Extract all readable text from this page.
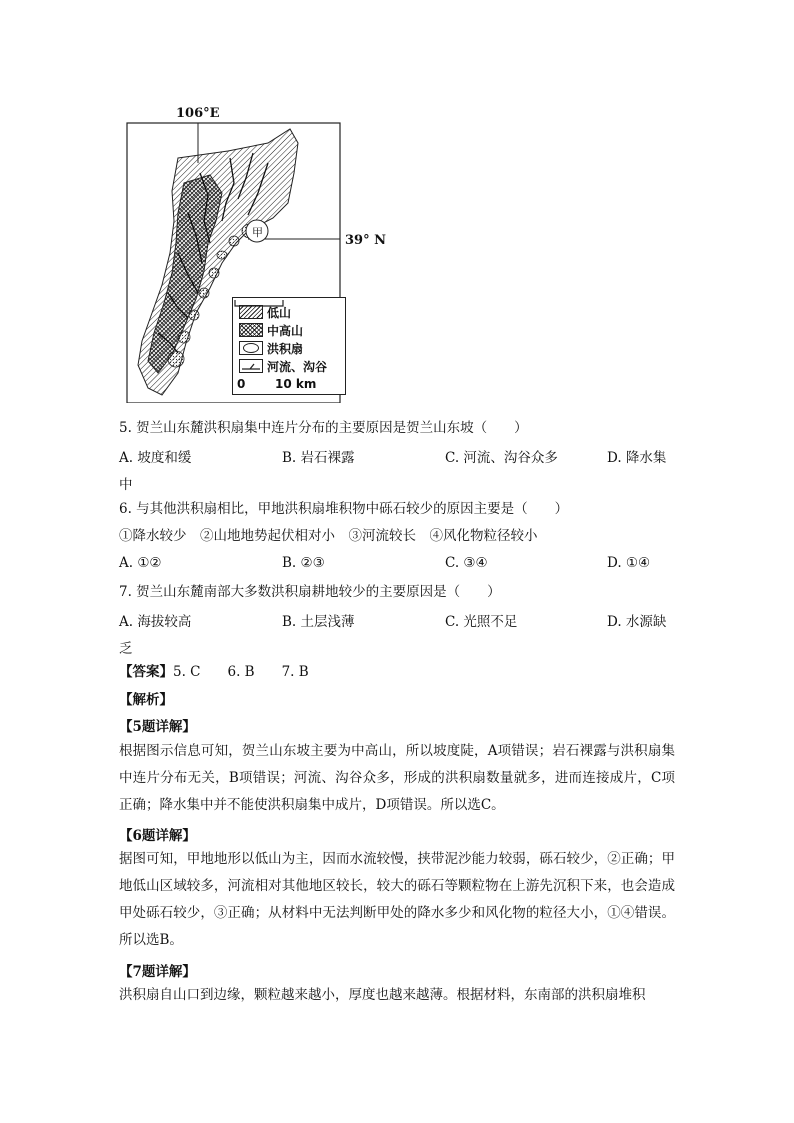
106°E
39° N
甲
低山
中高山
洪积扇
河流、沟谷
0 10 km
5. 贺兰山东麓洪积扇集中连片分布的主要原因是贺兰山东坡（　　）
A. 坡度和缓	B. 岩石裸露	C. 河流、沟谷众多	D. 降水集
中
6. 与其他洪积扇相比，甲地洪积扇堆积物中砾石较少的原因主要是（　　）
①降水较少　②山地地势起伏相对小　③河流较长　④风化物粒径较小
A. ①②	B. ②③	C. ③④	D. ①④
7. 贺兰山东麓南部大多数洪积扇耕地较少的主要原因是（　　）
A. 海拔较高	B. 土层浅薄	C. 光照不足	D. 水源缺
乏
【答案】5. C　　6. B　　7. B
【解析】
【5题详解】
根据图示信息可知，贺兰山东坡主要为中高山，所以坡度陡，A项错误；岩石裸露与洪积扇集中连片分布无关，B项错误；河流、沟谷众多，形成的洪积扇数量就多，进而连接成片，C项正确；降水集中并不能使洪积扇集中成片，D项错误。所以选C。
【6题详解】
据图可知，甲地地形以低山为主，因而水流较慢，挟带泥沙能力较弱，砾石较少，②正确；甲地低山区域较多，河流相对其他地区较长，较大的砾石等颗粒物在上游先沉积下来，也会造成甲处砾石较少，③正确；从材料中无法判断甲处的降水多少和风化物的粒径大小，①④错误。所以选B。
【7题详解】
洪积扇自山口到边缘，颗粒越来越小，厚度也越来越薄。根据材料，东南部的洪积扇堆积
